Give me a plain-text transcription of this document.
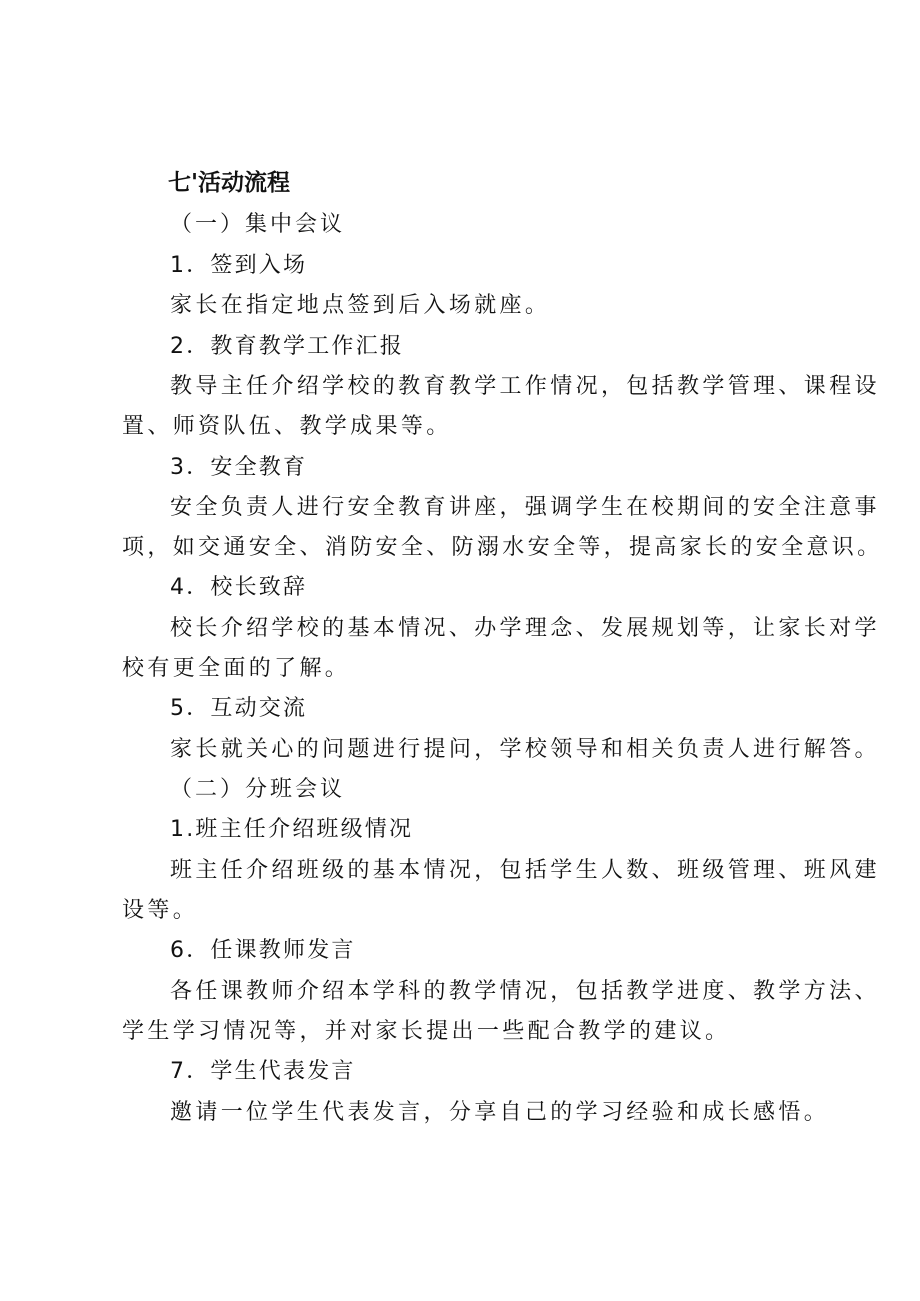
七'活动流程
（一）集中会议
1．签到入场
家长在指定地点签到后入场就座。
2．教育教学工作汇报
教导主任介绍学校的教育教学工作情况，包括教学管理、课程设
置、师资队伍、教学成果等。
3．安全教育
安全负责人进行安全教育讲座，强调学生在校期间的安全注意事
项，如交通安全、消防安全、防溺水安全等，提高家长的安全意识。
4．校长致辞
校长介绍学校的基本情况、办学理念、发展规划等，让家长对学
校有更全面的了解。
5．互动交流
家长就关心的问题进行提问，学校领导和相关负责人进行解答。
（二）分班会议
1.班主任介绍班级情况
班主任介绍班级的基本情况，包括学生人数、班级管理、班风建
设等。
6．任课教师发言
各任课教师介绍本学科的教学情况，包括教学进度、教学方法、
学生学习情况等，并对家长提出一些配合教学的建议。
7．学生代表发言
邀请一位学生代表发言，分享自己的学习经验和成长感悟。
